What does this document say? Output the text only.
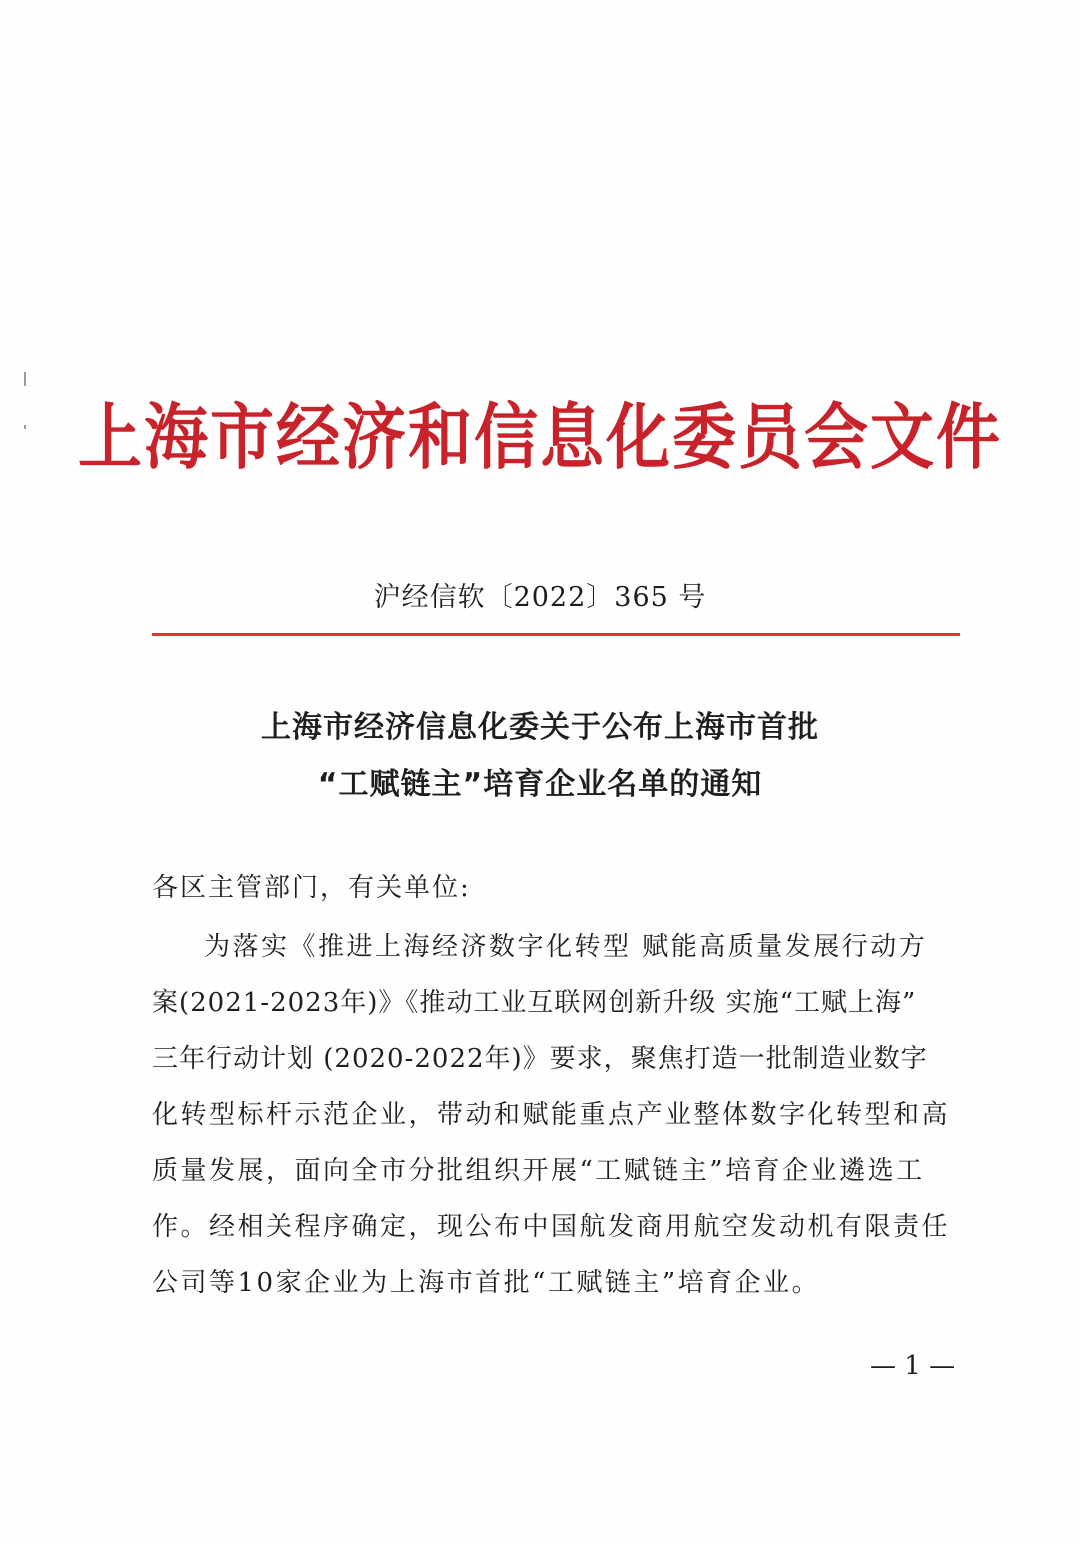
上海市经济和信息化委员会文件
沪经信软〔2022〕365 号
上海市经济信息化委关于公布上海市首批
“工赋链主”培育企业名单的通知
各区主管部门，有关单位:
为落实《推进上海经济数字化转型 赋能高质量发展行动方
案(2021-2023年)》《推动工业互联网创新升级 实施“工赋上海”
三年行动计划 (2020-2022年)》要求，聚焦打造一批制造业数字
化转型标杆示范企业，带动和赋能重点产业整体数字化转型和高
质量发展，面向全市分批组织开展“工赋链主”培育企业遴选工
作。经相关程序确定，现公布中国航发商用航空发动机有限责任
公司等10家企业为上海市首批“工赋链主”培育企业。
— 1 —
